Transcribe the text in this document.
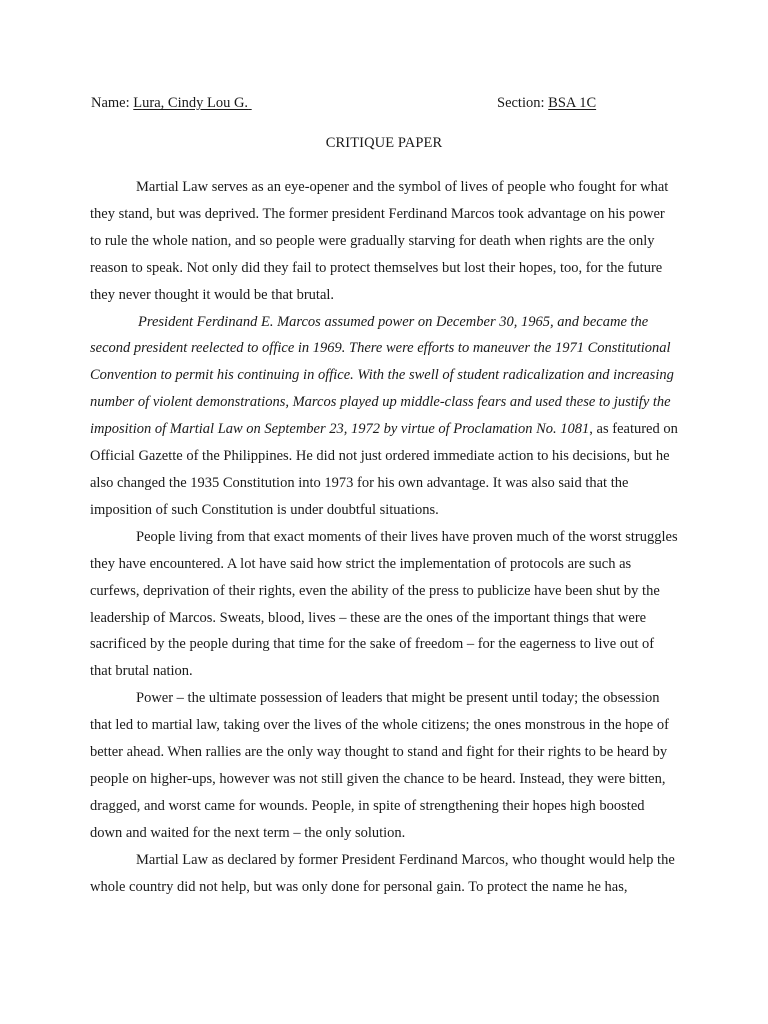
Name: Lura, Cindy Lou G.	Section: BSA 1C
CRITIQUE PAPER

Martial Law serves as an eye-opener and the symbol of lives of people who fought for what they stand, but was deprived. The former president Ferdinand Marcos took advantage on his power to rule the whole nation, and so people were gradually starving for death when rights are the only reason to speak. Not only did they fail to protect themselves but lost their hopes, too, for the future they never thought it would be that brutal.

President Ferdinand E. Marcos assumed power on December 30, 1965, and became the second president reelected to office in 1969. There were efforts to maneuver the 1971 Constitutional Convention to permit his continuing in office. With the swell of student radicalization and increasing number of violent demonstrations, Marcos played up middle-class fears and used these to justify the imposition of Martial Law on September 23, 1972 by virtue of Proclamation No. 1081, as featured on Official Gazette of the Philippines. He did not just ordered immediate action to his decisions, but he also changed the 1935 Constitution into 1973 for his own advantage. It was also said that the imposition of such Constitution is under doubtful situations.

People living from that exact moments of their lives have proven much of the worst struggles they have encountered. A lot have said how strict the implementation of protocols are such as curfews, deprivation of their rights, even the ability of the press to publicize have been shut by the leadership of Marcos. Sweats, blood, lives – these are the ones of the important things that were sacrificed by the people during that time for the sake of freedom – for the eagerness to live out of that brutal nation.

Power – the ultimate possession of leaders that might be present until today; the obsession that led to martial law, taking over the lives of the whole citizens; the ones monstrous in the hope of better ahead. When rallies are the only way thought to stand and fight for their rights to be heard by people on higher-ups, however was not still given the chance to be heard. Instead, they were bitten, dragged, and worst came for wounds. People, in spite of strengthening their hopes high boosted down and waited for the next term – the only solution.

Martial Law as declared by former President Ferdinand Marcos, who thought would help the whole country did not help, but was only done for personal gain. To protect the name he has,
